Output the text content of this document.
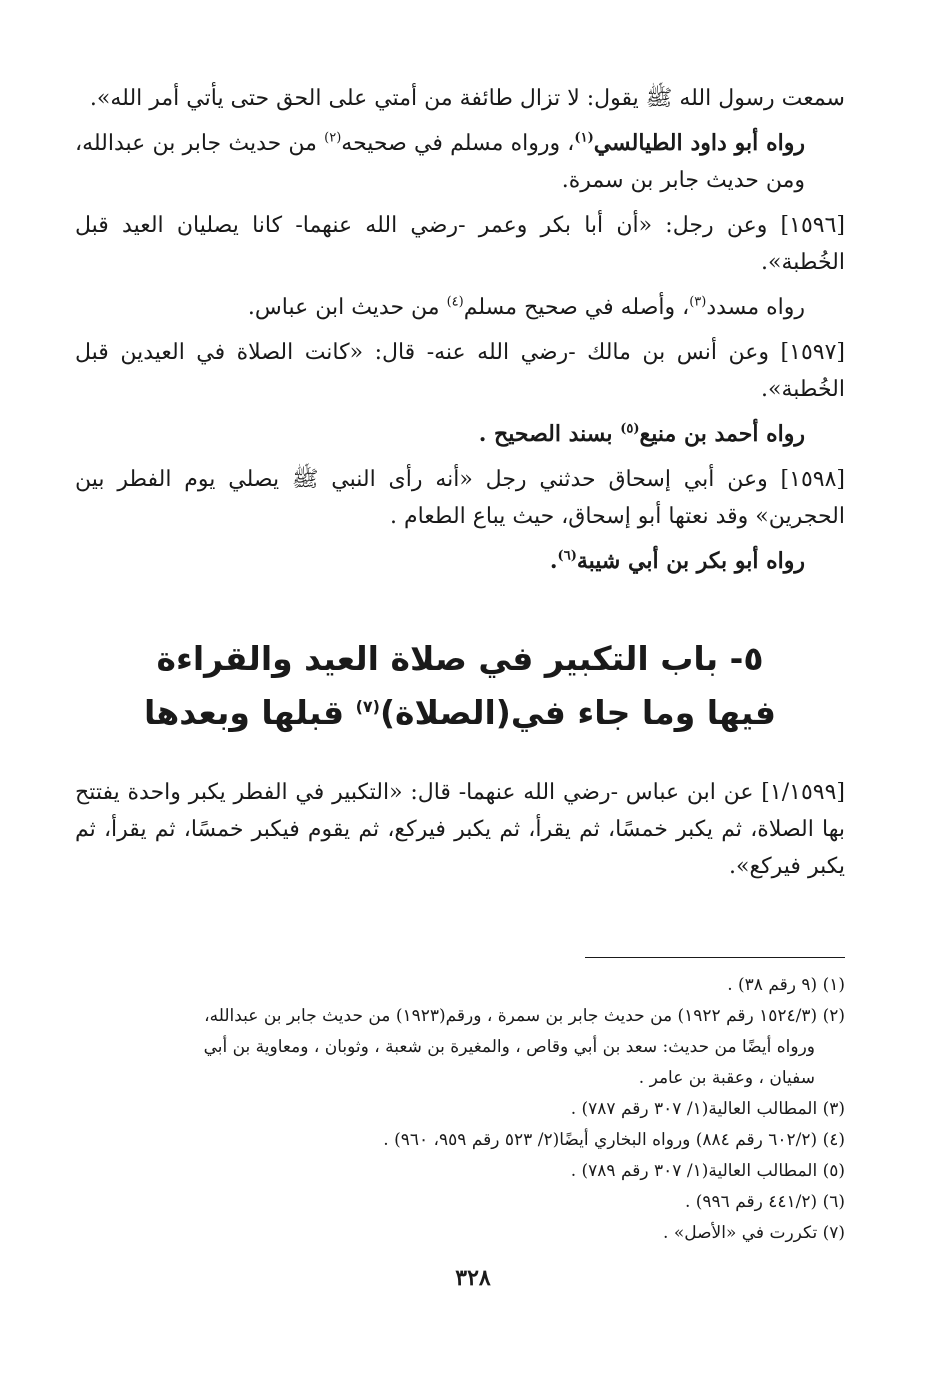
سمعت رسول الله ﷺ يقول: لا تزال طائفة من أمتي على الحق حتى يأتي أمر الله».

رواه أبو داود الطيالسي$^{(١)}$، ورواه مسلم في صحيحه$^{(٢)}$ من حديث جابر بن عبدالله، ومن حديث جابر بن سمرة.

[١٥٩٦] وعن رجل: «أن أبا بكر وعمر -رضي الله عنهما- كانا يصليان العيد قبل الخُطبة».

رواه مسدد$^{(٣)}$، وأصله في صحيح مسلم$^{(٤)}$ من حديث ابن عباس.

[١٥٩٧] وعن أنس بن مالك -رضي الله عنه- قال: «كانت الصلاة في العيدين قبل الخُطبة».

رواه أحمد بن منيع$^{(٥)}$ بسند الصحيح .

[١٥٩٨] وعن أبي إسحاق حدثني رجل «أنه رأى النبي ﷺ يصلي يوم الفطر بين الحجرين» وقد نعتها أبو إسحاق، حيث يباع الطعام .

رواه أبو بكر بن أبي شيبة$^{(٦)}$.

٥- باب التكبير في صلاة العيد والقراءة
فيها وما جاء في(الصلاة)$^{(٧)}$ قبلها وبعدها

[١/١٥٩٩] عن ابن عباس -رضي الله عنهما- قال: «التكبير في الفطر يكبر واحدة يفتتح بها الصلاة، ثم يكبر خمسًا، ثم يقرأ، ثم يكبر فيركع، ثم يقوم فيكبر خمسًا، ثم يقرأ، ثم يكبر فيركع».

(١) (٩ رقم ٣٨) .

(٢) (١٥٢٤/٣ رقم ١٩٢٢) من حديث جابر بن سمرة ، ورقم(١٩٢٣) من حديث جابر بن عبدالله،

ورواه أيضًا من حديث: سعد بن أبي وقاص ، والمغيرة بن شعبة ، وثوبان ، ومعاوية بن أبي

سفيان ، وعقبة بن عامر .

(٣) المطالب العالية(١/ ٣٠٧ رقم ٧٨٧) .

(٤) (٦٠٢/٢ رقم ٨٨٤) ورواه البخاري أيضًا(٢/ ٥٢٣ رقم ٩٥٩، ٩٦٠) .

(٥) المطالب العالية(١/ ٣٠٧ رقم ٧٨٩) .

(٦) (٤٤١/٢ رقم ٩٩٦) .

(٧) تكررت في «الأصل» .

٣٢٨
